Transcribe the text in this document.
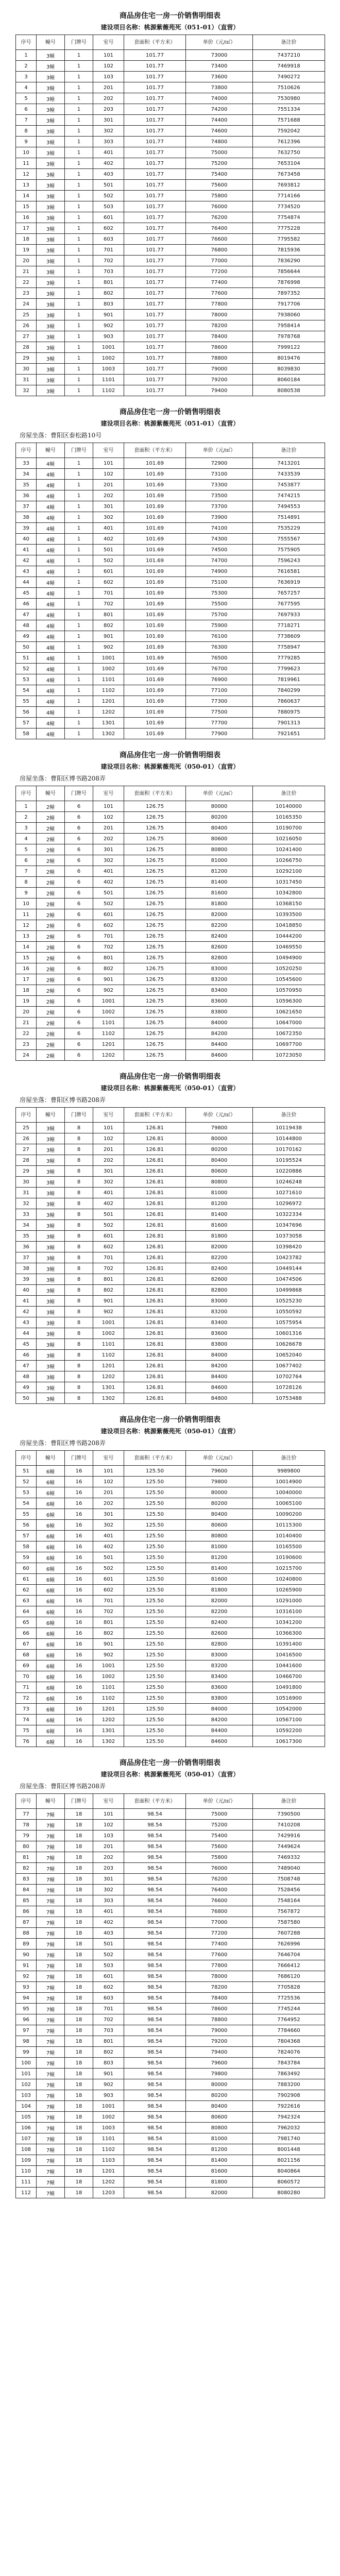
商品房住宅一房一价销售明细表
建设项目名称：桃源紫薇苑死（051-01）（直营）
序号	幢号	门牌号	室号	套面积（平方米）	单价（元/㎡）	备注价
1	3幢	1	101	101.77	73000	7437210
2	3幢	1	102	101.77	73400	7469918
3	3幢	1	103	101.77	73600	7490272
4	3幢	1	201	101.77	73800	7510626
5	3幢	1	202	101.77	74000	7530980
6	3幢	1	203	101.77	74200	7551334
7	3幢	1	301	101.77	74400	7571688
8	3幢	1	302	101.77	74600	7592042
9	3幢	1	303	101.77	74800	7612396
10	3幢	1	401	101.77	75000	7632750
11	3幢	1	402	101.77	75200	7653104
12	3幢	1	403	101.77	75400	7673458
13	3幢	1	501	101.77	75600	7693812
14	3幢	1	502	101.77	75800	7714166
15	3幢	1	503	101.77	76000	7734520
16	3幢	1	601	101.77	76200	7754874
17	3幢	1	602	101.77	76400	7775228
18	3幢	1	603	101.77	76600	7795582
19	3幢	1	701	101.77	76800	7815936
20	3幢	1	702	101.77	77000	7836290
21	3幢	1	703	101.77	77200	7856644
22	3幢	1	801	101.77	77400	7876998
23	3幢	1	802	101.77	77600	7897352
24	3幢	1	803	101.77	77800	7917706
25	3幢	1	901	101.77	78000	7938060
26	3幢	1	902	101.77	78200	7958414
27	3幢	1	903	101.77	78400	7978768
28	3幢	1	1001	101.77	78600	7999122
29	3幢	1	1002	101.77	78800	8019476
30	3幢	1	1003	101.77	79000	8039830
31	3幢	1	1101	101.77	79200	8060184
32	3幢	1	1102	101.77	79400	8080538
商品房住宅一房一价销售明细表
建设项目名称：桃源紫薇苑死（051-01）（直营）
房屋坐落：曹阳区泰松路10号
序号	幢号	门牌号	室号	套面积（平方米）	单价（元/㎡）	备注价
33	4幢	1	101	101.69	72900	7413201
34	4幢	1	102	101.69	73100	7433539
35	4幢	1	201	101.69	73300	7453877
36	4幢	1	202	101.69	73500	7474215
37	4幢	1	301	101.69	73700	7494553
38	4幢	1	302	101.69	73900	7514891
39	4幢	1	401	101.69	74100	7535229
40	4幢	1	402	101.69	74300	7555567
41	4幢	1	501	101.69	74500	7575905
42	4幢	1	502	101.69	74700	7596243
43	4幢	1	601	101.69	74900	7616581
44	4幢	1	602	101.69	75100	7636919
45	4幢	1	701	101.69	75300	7657257
46	4幢	1	702	101.69	75500	7677595
47	4幢	1	801	101.69	75700	7697933
48	4幢	1	802	101.69	75900	7718271
49	4幢	1	901	101.69	76100	7738609
50	4幢	1	902	101.69	76300	7758947
51	4幢	1	1001	101.69	76500	7779285
52	4幢	1	1002	101.69	76700	7799623
53	4幢	1	1101	101.69	76900	7819961
54	4幢	1	1102	101.69	77100	7840299
55	4幢	1	1201	101.69	77300	7860637
56	4幢	1	1202	101.69	77500	7880975
57	4幢	1	1301	101.69	77700	7901313
58	4幢	1	1302	101.69	77900	7921651
商品房住宅一房一价销售明细表
建设项目名称：桃源紫薇苑死（050-01）（直营）
房屋坐落：曹阳区博书路208弄
序号	幢号	门牌号	室号	套面积（平方米）	单价（元/㎡）	备注价
1	2幢	6	101	126.75	80000	10140000
2	2幢	6	102	126.75	80200	10165350
3	2幢	6	201	126.75	80400	10190700
4	2幢	6	202	126.75	80600	10216050
5	2幢	6	301	126.75	80800	10241400
6	2幢	6	302	126.75	81000	10266750
7	2幢	6	401	126.75	81200	10292100
8	2幢	6	402	126.75	81400	10317450
9	2幢	6	501	126.75	81600	10342800
10	2幢	6	502	126.75	81800	10368150
11	2幢	6	601	126.75	82000	10393500
12	2幢	6	602	126.75	82200	10418850
13	2幢	6	701	126.75	82400	10444200
14	2幢	6	702	126.75	82600	10469550
15	2幢	6	801	126.75	82800	10494900
16	2幢	6	802	126.75	83000	10520250
17	2幢	6	901	126.75	83200	10545600
18	2幢	6	902	126.75	83400	10570950
19	2幢	6	1001	126.75	83600	10596300
20	2幢	6	1002	126.75	83800	10621650
21	2幢	6	1101	126.75	84000	10647000
22	2幢	6	1102	126.75	84200	10672350
23	2幢	6	1201	126.75	84400	10697700
24	2幢	6	1202	126.75	84600	10723050
商品房住宅一房一价销售明细表
建设项目名称：桃源紫薇苑死（050-01）（直营）
房屋坐落：曹阳区博书路208弄
序号	幢号	门牌号	室号	套面积（平方米）	单价（元/㎡）	备注价
25	3幢	8	101	126.81	79800	10119438
26	3幢	8	102	126.81	80000	10144800
27	3幢	8	201	126.81	80200	10170162
28	3幢	8	202	126.81	80400	10195524
29	3幢	8	301	126.81	80600	10220886
30	3幢	8	302	126.81	80800	10246248
31	3幢	8	401	126.81	81000	10271610
32	3幢	8	402	126.81	81200	10296972
33	3幢	8	501	126.81	81400	10322334
34	3幢	8	502	126.81	81600	10347696
35	3幢	8	601	126.81	81800	10373058
36	3幢	8	602	126.81	82000	10398420
37	3幢	8	701	126.81	82200	10423782
38	3幢	8	702	126.81	82400	10449144
39	3幢	8	801	126.81	82600	10474506
40	3幢	8	802	126.81	82800	10499868
41	3幢	8	901	126.81	83000	10525230
42	3幢	8	902	126.81	83200	10550592
43	3幢	8	1001	126.81	83400	10575954
44	3幢	8	1002	126.81	83600	10601316
45	3幢	8	1101	126.81	83800	10626678
46	3幢	8	1102	126.81	84000	10652040
47	3幢	8	1201	126.81	84200	10677402
48	3幢	8	1202	126.81	84400	10702764
49	3幢	8	1301	126.81	84600	10728126
50	3幢	8	1302	126.81	84800	10753488
商品房住宅一房一价销售明细表
建设项目名称：桃源紫薇苑死（050-01）（直营）
房屋坐落：曹阳区博书路208弄
序号	幢号	门牌号	室号	套面积（平方米）	单价（元/㎡）	备注价
51	6幢	16	101	125.50	79600	9989800
52	6幢	16	102	125.50	79800	10014900
53	6幢	16	201	125.50	80000	10040000
54	6幢	16	202	125.50	80200	10065100
55	6幢	16	301	125.50	80400	10090200
56	6幢	16	302	125.50	80600	10115300
57	6幢	16	401	125.50	80800	10140400
58	6幢	16	402	125.50	81000	10165500
59	6幢	16	501	125.50	81200	10190600
60	6幢	16	502	125.50	81400	10215700
61	6幢	16	601	125.50	81600	10240800
62	6幢	16	602	125.50	81800	10265900
63	6幢	16	701	125.50	82000	10291000
64	6幢	16	702	125.50	82200	10316100
65	6幢	16	801	125.50	82400	10341200
66	6幢	16	802	125.50	82600	10366300
67	6幢	16	901	125.50	82800	10391400
68	6幢	16	902	125.50	83000	10416500
69	6幢	16	1001	125.50	83200	10441600
70	6幢	16	1002	125.50	83400	10466700
71	6幢	16	1101	125.50	83600	10491800
72	6幢	16	1102	125.50	83800	10516900
73	6幢	16	1201	125.50	84000	10542000
74	6幢	16	1202	125.50	84200	10567100
75	6幢	16	1301	125.50	84400	10592200
76	6幢	16	1302	125.50	84600	10617300
商品房住宅一房一价销售明细表
建设项目名称：桃源紫薇苑死（050-01）（直营）
房屋坐落：曹阳区博书路208弄
序号	幢号	门牌号	室号	套面积（平方米）	单价（元/㎡）	备注价
77	7幢	18	101	98.54	75000	7390500
78	7幢	18	102	98.54	75200	7410208
79	7幢	18	103	98.54	75400	7429916
80	7幢	18	201	98.54	75600	7449624
81	7幢	18	202	98.54	75800	7469332
82	7幢	18	203	98.54	76000	7489040
83	7幢	18	301	98.54	76200	7508748
84	7幢	18	302	98.54	76400	7528456
85	7幢	18	303	98.54	76600	7548164
86	7幢	18	401	98.54	76800	7567872
87	7幢	18	402	98.54	77000	7587580
88	7幢	18	403	98.54	77200	7607288
89	7幢	18	501	98.54	77400	7626996
90	7幢	18	502	98.54	77600	7646704
91	7幢	18	503	98.54	77800	7666412
92	7幢	18	601	98.54	78000	7686120
93	7幢	18	602	98.54	78200	7705828
94	7幢	18	603	98.54	78400	7725536
95	7幢	18	701	98.54	78600	7745244
96	7幢	18	702	98.54	78800	7764952
97	7幢	18	703	98.54	79000	7784660
98	7幢	18	801	98.54	79200	7804368
99	7幢	18	802	98.54	79400	7824076
100	7幢	18	803	98.54	79600	7843784
101	7幢	18	901	98.54	79800	7863492
102	7幢	18	902	98.54	80000	7883200
103	7幢	18	903	98.54	80200	7902908
104	7幢	18	1001	98.54	80400	7922616
105	7幢	18	1002	98.54	80600	7942324
106	7幢	18	1003	98.54	80800	7962032
107	7幢	18	1101	98.54	81000	7981740
108	7幢	18	1102	98.54	81200	8001448
109	7幢	18	1103	98.54	81400	8021156
110	7幢	18	1201	98.54	81600	8040864
111	7幢	18	1202	98.54	81800	8060572
112	7幢	18	1203	98.54	82000	8080280
